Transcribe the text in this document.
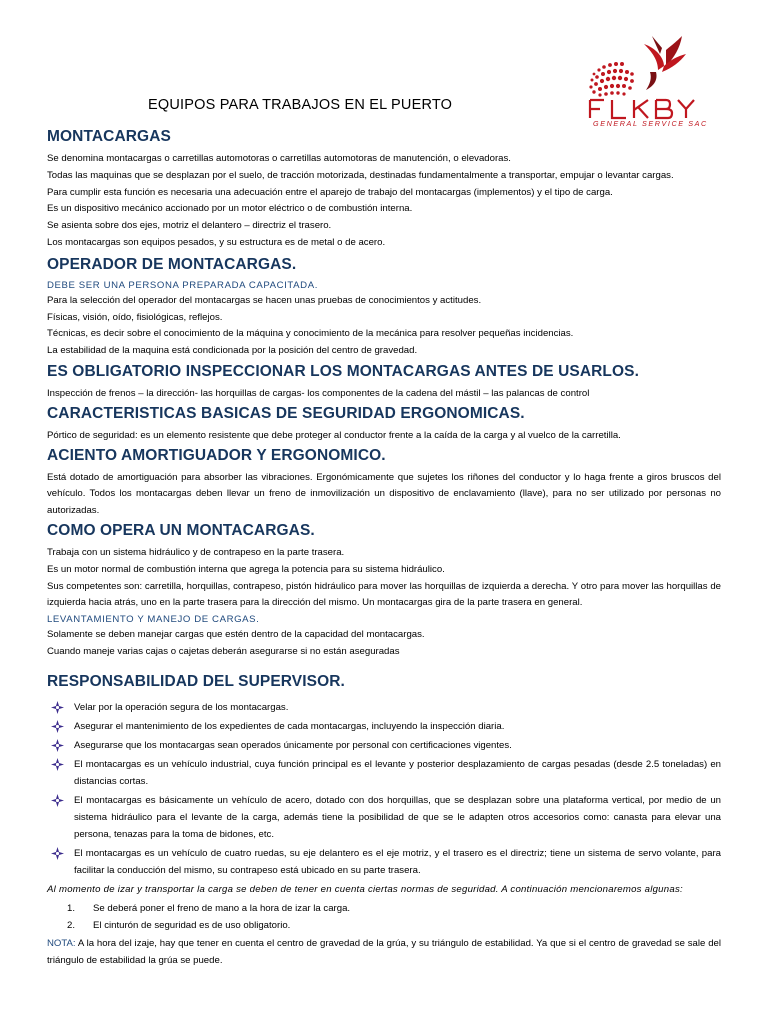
GENERAL SERVICE SAC
EQUIPOS PARA TRABAJOS EN EL PUERTO
MONTACARGAS

Se denomina montacargas o carretillas automotoras o carretillas automotoras de manutención, o elevadoras.

Todas las maquinas que se desplazan por el suelo, de tracción motorizada, destinadas fundamentalmente a transportar, empujar o levantar cargas.

Para cumplir esta función es necesaria una adecuación entre el aparejo de trabajo del montacargas (implementos) y el tipo de carga.

Es un dispositivo mecánico accionado por un motor eléctrico o de combustión interna.

Se asienta sobre dos ejes, motriz el delantero – directriz el trasero.

Los montacargas son equipos pesados, y su estructura es de metal o de acero.

OPERADOR DE MONTACARGAS.
DEBE SER UNA PERSONA PREPARADA CAPACITADA.

Para la selección del operador del montacargas se hacen unas pruebas de conocimientos y actitudes.

Físicas, visión, oído, fisiológicas, reflejos.

Técnicas, es decir sobre el conocimiento de la máquina y conocimiento de la mecánica para resolver pequeñas incidencias.

La estabilidad de la maquina está condicionada por la posición del centro de gravedad.

ES OBLIGATORIO INSPECCIONAR LOS MONTACARGAS ANTES DE USARLOS.

Inspección de frenos – la dirección- las horquillas de cargas- los componentes de la cadena del mástil – las palancas de control

CARACTERISTICAS BASICAS DE SEGURIDAD ERGONOMICAS.

Pórtico de seguridad: es un elemento resistente que debe proteger al conductor frente a la caída de la carga y al vuelco de la carretilla.

ACIENTO AMORTIGUADOR Y ERGONOMICO.

Está dotado de amortiguación para absorber las vibraciones. Ergonómicamente que sujetes los riñones del conductor y lo haga frente a giros bruscos del vehículo. Todos los montacargas deben llevar un freno de inmovilización un dispositivo de enclavamiento (llave), para no ser utilizado por personas no autorizadas.

COMO OPERA UN MONTACARGAS.

Trabaja con un sistema hidráulico y de contrapeso en la parte trasera.

Es un motor normal de combustión interna que agrega la potencia para su sistema hidráulico.

Sus competentes son: carretilla, horquillas, contrapeso, pistón hidráulico para mover las horquillas de izquierda a derecha. Y otro para mover las horquillas de izquierda hacia atrás, uno en la parte trasera para la dirección del mismo. Un montacargas gira de la parte trasera en general.

LEVANTAMIENTO Y MANEJO DE CARGAS.

Solamente se deben manejar cargas que estén dentro de la capacidad del montacargas.

Cuando maneje varias cajas o cajetas deberán asegurarse si no están aseguradas

RESPONSABILIDAD DEL SUPERVISOR.
Velar por la operación segura de los montacargas.
Asegurar el mantenimiento de los expedientes de cada montacargas, incluyendo la inspección diaria.
Asegurarse que los montacargas sean operados únicamente por personal con certificaciones vigentes.
El montacargas es un vehículo industrial, cuya función principal es el levante y posterior desplazamiento de cargas pesadas (desde 2.5 toneladas) en distancias cortas.
El montacargas es básicamente un vehículo de acero, dotado con dos horquillas, que se desplazan sobre una plataforma vertical, por medio de un sistema hidráulico para el levante de la carga, además tiene la posibilidad de que se le adapten otros accesorios como: canasta para elevar una persona, tenazas para la toma de bidones, etc.
El montacargas es un vehículo de cuatro ruedas, su eje delantero es el eje motriz, y el trasero es el directriz; tiene un sistema de servo volante, para facilitar la conducción del mismo, su contrapeso está ubicado en su parte trasera.
Al momento de izar y transportar la carga se deben de tener en cuenta ciertas normas de seguridad. A continuación mencionaremos algunas:
1. Se deberá poner el freno de mano a la hora de izar la carga.
2. El cinturón de seguridad es de uso obligatorio.
NOTA: A la hora del izaje, hay que tener en cuenta el centro de gravedad de la grúa, y su triángulo de estabilidad. Ya que si el centro de gravedad se sale del triángulo de estabilidad la grúa se puede.
